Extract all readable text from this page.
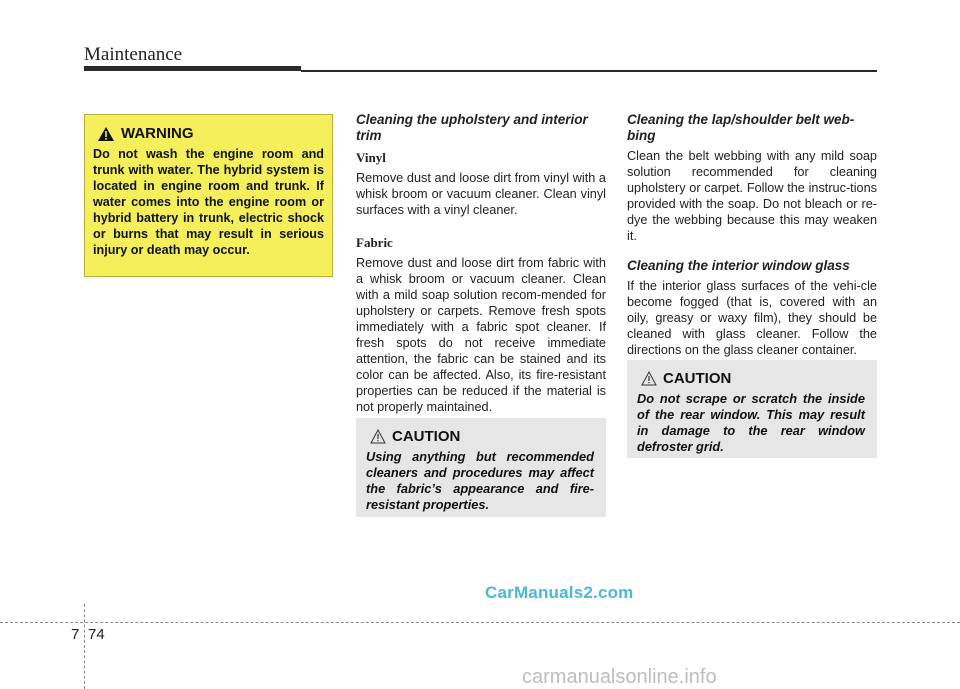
Maintenance
WARNING
Do not wash the engine room and trunk with water. The hybrid system is located in engine room and trunk. If water comes into the engine room or hybrid battery in trunk, electric shock or burns that may result in serious injury or death may occur.

Cleaning the upholstery and interior trim

Vinyl

Remove dust and loose dirt from vinyl with a whisk broom or vacuum cleaner. Clean vinyl surfaces with a vinyl cleaner.

Fabric

Remove dust and loose dirt from fabric with a whisk broom or vacuum cleaner. Clean with a mild soap solution recom-mended for upholstery or carpets. Remove fresh spots immediately with a fabric spot cleaner. If fresh spots do not receive immediate attention, the fabric can be stained and its color can be affected. Also, its fire-resistant properties can be reduced if the material is not properly maintained.

CAUTION
Using anything but recommended cleaners and procedures may affect the fabric’s appearance and fire-resistant properties.

Cleaning the lap/shoulder belt web-bing

Clean the belt webbing with any mild soap solution recommended for cleaning upholstery or carpet. Follow the instruc-tions provided with the soap. Do not bleach or re-dye the webbing because this may weaken it.

Cleaning the interior window glass

If the interior glass surfaces of the vehi-cle become fogged (that is, covered with an oily, greasy or waxy film), they should be cleaned with glass cleaner. Follow the directions on the glass cleaner container.

CAUTION
Do not scrape or scratch the inside of the rear window. This may result in damage to the rear window defroster grid.
CarManuals2.com
7 74
carmanualsonline.info
